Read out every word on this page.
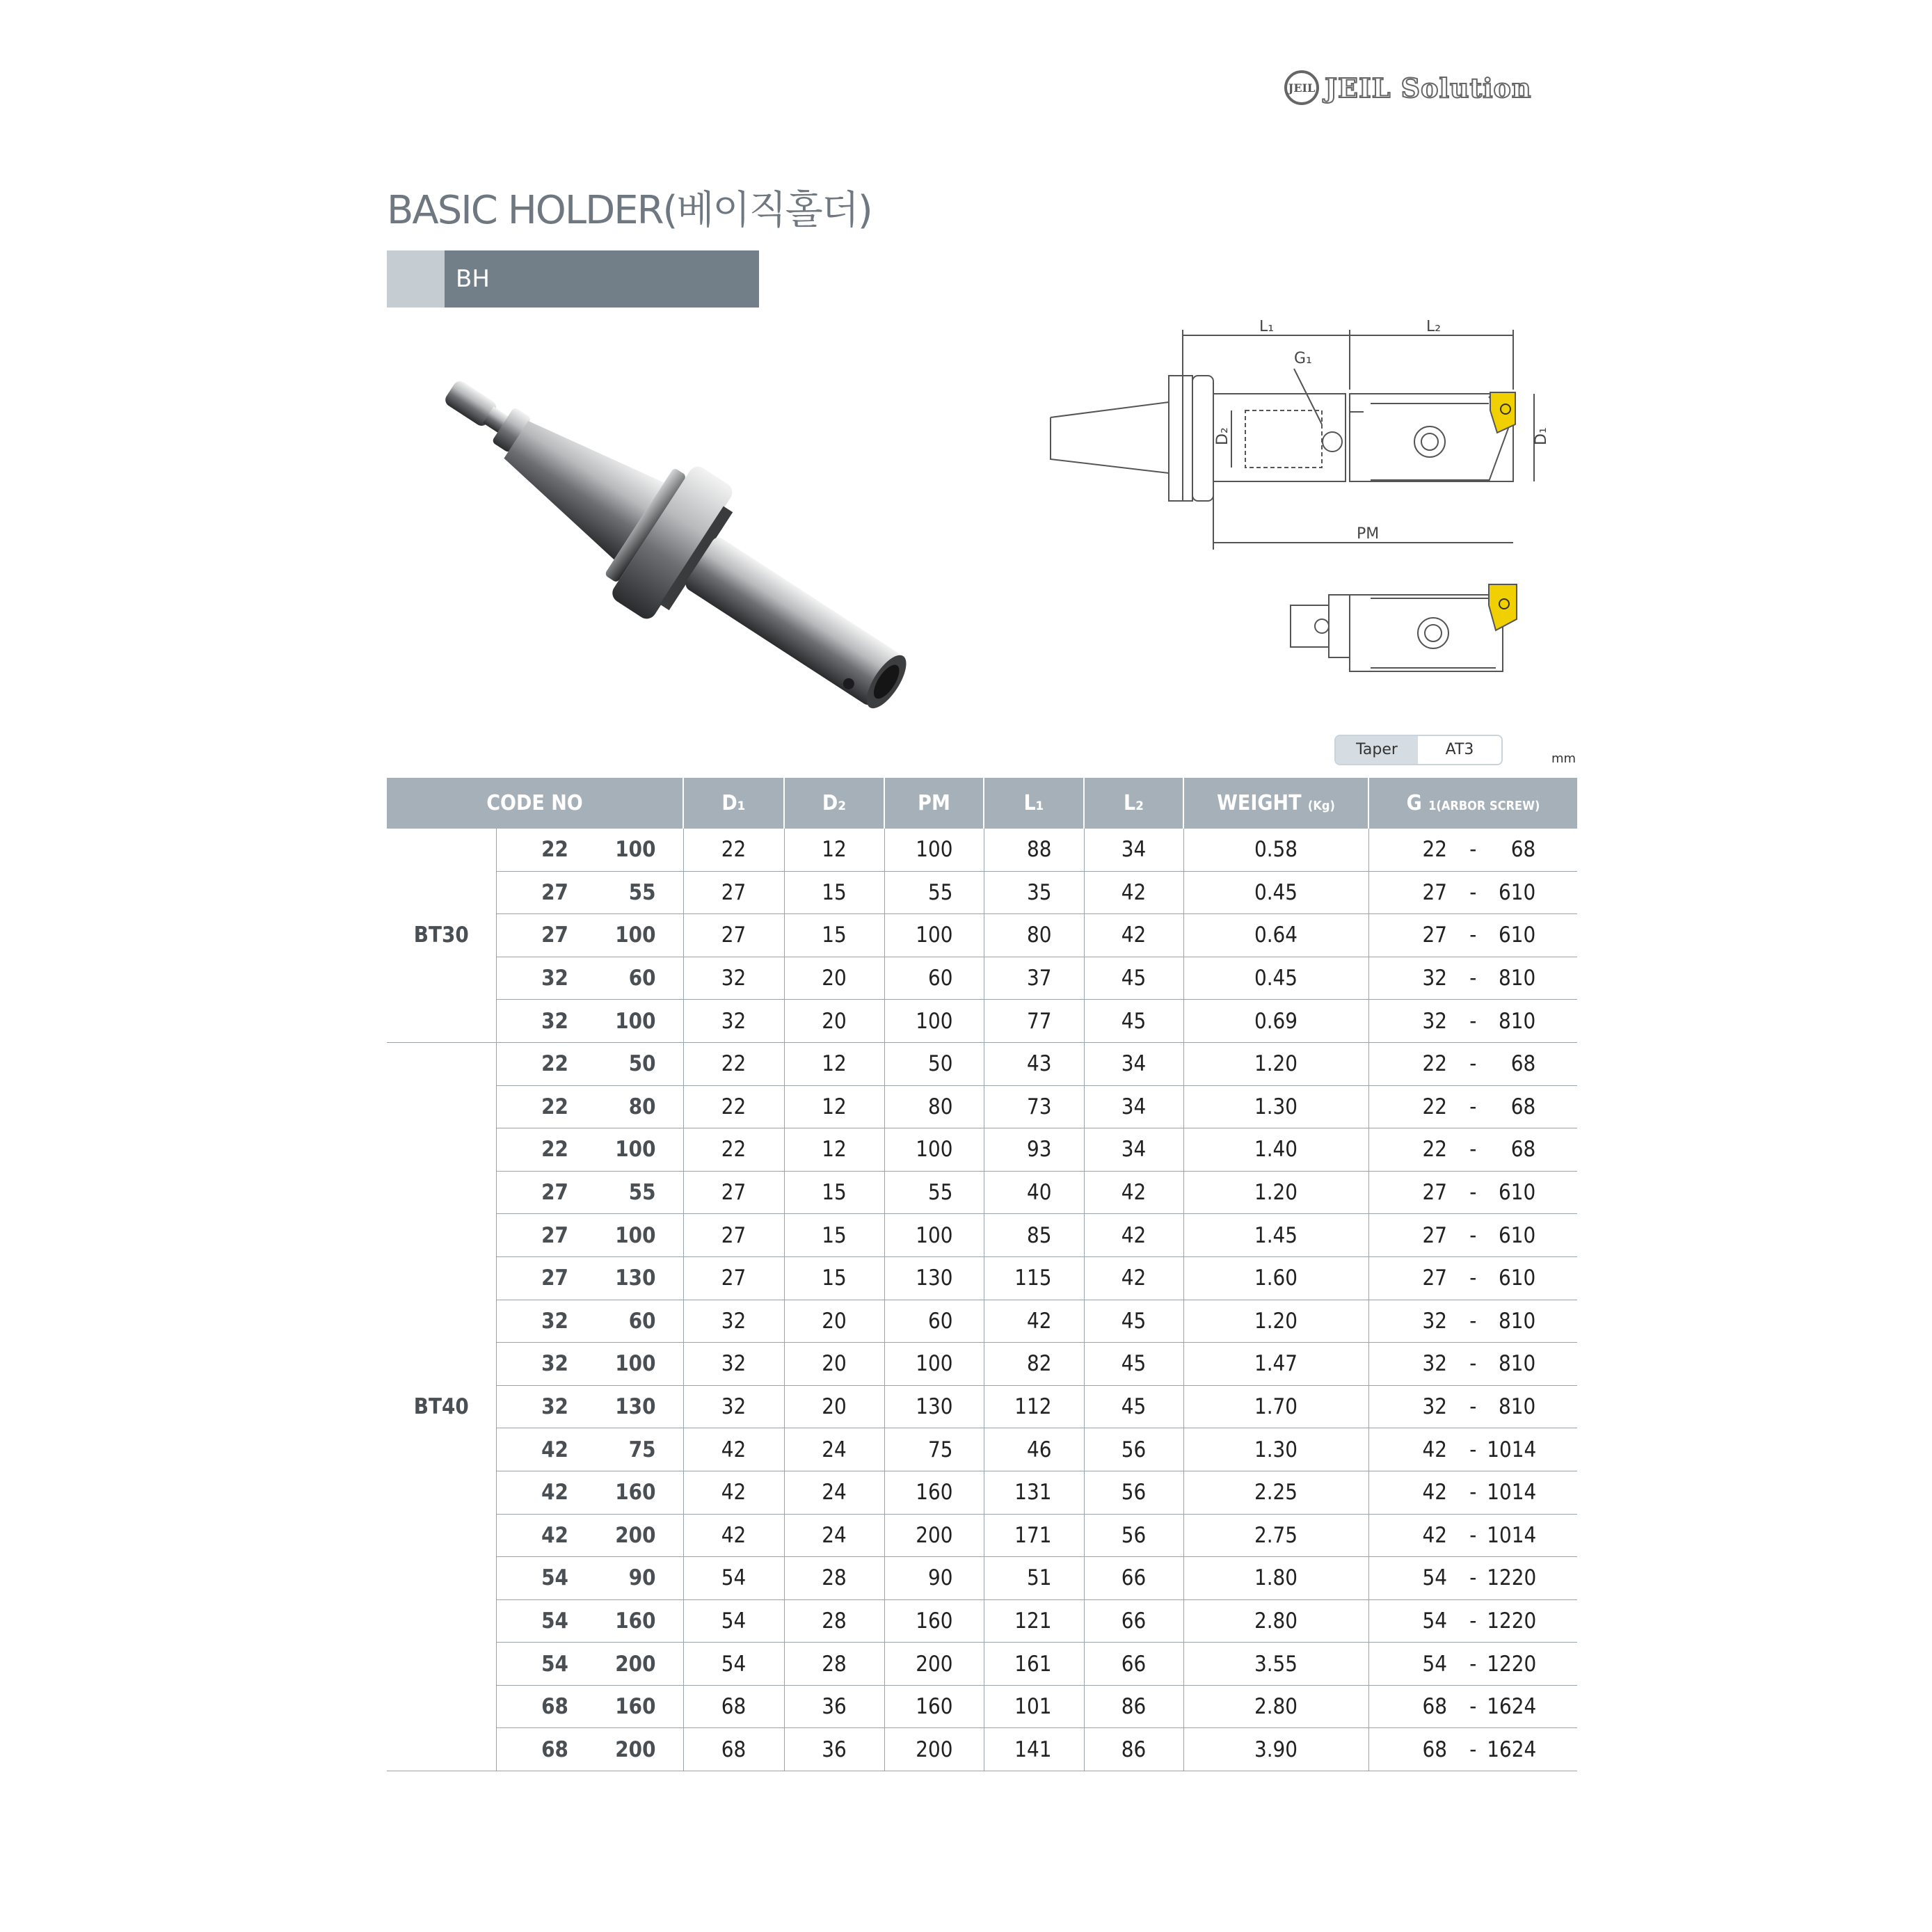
JEIL JEIL Solution
BASIC HOLDER(베이직홀더)
BH
L₁	L₂
G₁
PM
D₁
D₂
Taper	AT3
mm
CODE NO		D₁	D₂	PM	L₁	L₂	WEIGHT (Kg)	G 1(ARBOR SCREW)
BT30	22 100	22	12	100	88	34	0.58	22 - 68
	27 55	27	15	55	35	42	0.45	27 - 610
	27 100	27	15	100	80	42	0.64	27 - 610
	32 60	32	20	60	37	45	0.45	32 - 810
	32 100	32	20	100	77	45	0.69	32 - 810
BT40	22 50	22	12	50	43	34	1.20	22 - 68
	22 80	22	12	80	73	34	1.30	22 - 68
	22 100	22	12	100	93	34	1.40	22 - 68
	27 55	27	15	55	40	42	1.20	27 - 610
	27 100	27	15	100	85	42	1.45	27 - 610
	27 130	27	15	130	115	42	1.60	27 - 610
	32 60	32	20	60	42	45	1.20	32 - 810
	32 100	32	20	100	82	45	1.47	32 - 810
	32 130	32	20	130	112	45	1.70	32 - 810
	42 75	42	24	75	46	56	1.30	42 - 1014
	42 160	42	24	160	131	56	2.25	42 - 1014
	42 200	42	24	200	171	56	2.75	42 - 1014
	54 90	54	28	90	51	66	1.80	54 - 1220
	54 160	54	28	160	121	66	2.80	54 - 1220
	54 200	54	28	200	161	66	3.55	54 - 1220
	68 160	68	36	160	101	86	2.80	68 - 1624
	68 200	68	36	200	141	86	3.90	68 - 1624
